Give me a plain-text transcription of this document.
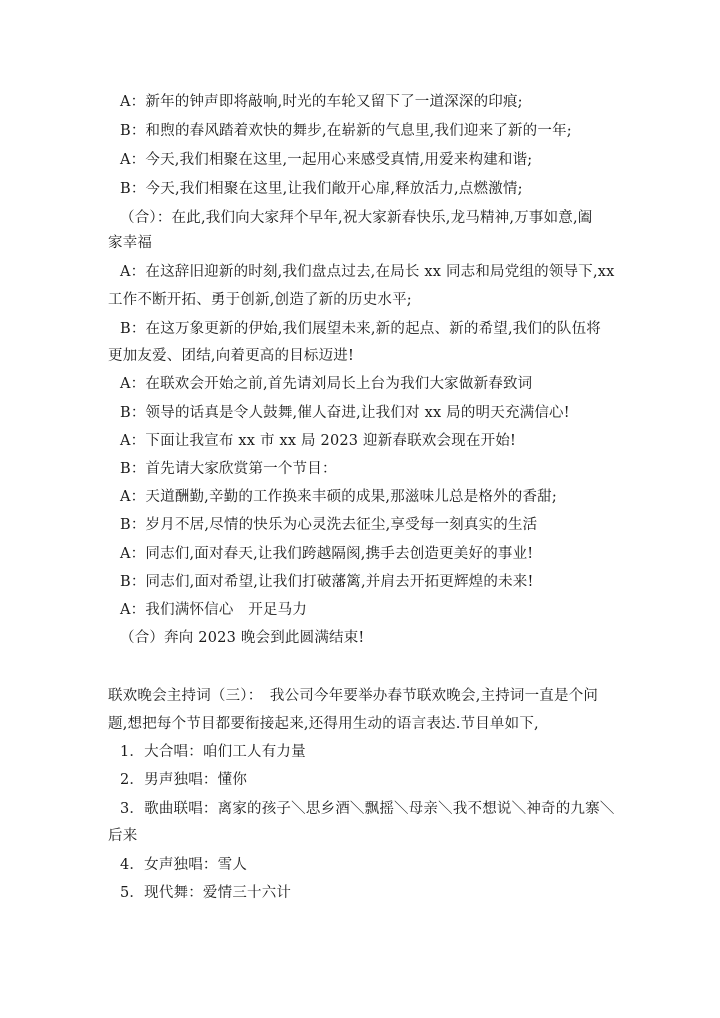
A：新年的钟声即将敲响,时光的车轮又留下了一道深深的印痕;

B：和煦的春风踏着欢快的舞步,在崭新的气息里,我们迎来了新的一年;

A：今天,我们相聚在这里,一起用心来感受真情,用爱来构建和谐;

B：今天,我们相聚在这里,让我们敞开心扉,释放活力,点燃激情;

（合）：在此,我们向大家拜个早年,祝大家新春快乐,龙马精神,万事如意,阖

家幸福

A：在这辞旧迎新的时刻,我们盘点过去,在局长 xx 同志和局党组的领导下,xx

工作不断开拓、勇于创新,创造了新的历史水平;

B：在这万象更新的伊始,我们展望未来,新的起点、新的希望,我们的队伍将

更加友爱、团结,向着更高的目标迈进!

A：在联欢会开始之前,首先请刘局长上台为我们大家做新春致词

B：领导的话真是令人鼓舞,催人奋进,让我们对 xx 局的明天充满信心!

A：下面让我宣布 xx 市 xx 局 2023 迎新春联欢会现在开始!

B：首先请大家欣赏第一个节目：

A：天道酬勤,辛勤的工作换来丰硕的成果,那滋味儿总是格外的香甜;

B：岁月不居,尽情的快乐为心灵洗去征尘,享受每一刻真实的生活

A：同志们,面对春天,让我们跨越隔阂,携手去创造更美好的事业!

B：同志们,面对希望,让我们打破藩篱,并肩去开拓更辉煌的未来!

A：我们满怀信心　开足马力

（合）奔向 2023 晚会到此圆满结束!

联欢晚会主持词（三）：　我公司今年要举办春节联欢晚会,主持词一直是个问

题,想把每个节目都要衔接起来,还得用生动的语言表达.节目单如下,

1．大合唱：咱们工人有力量

2．男声独唱：懂你

3．歌曲联唱：离家的孩子＼思乡酒＼飘摇＼母亲＼我不想说＼神奇的九寨＼

后来

4．女声独唱：雪人

5．现代舞：爱情三十六计
